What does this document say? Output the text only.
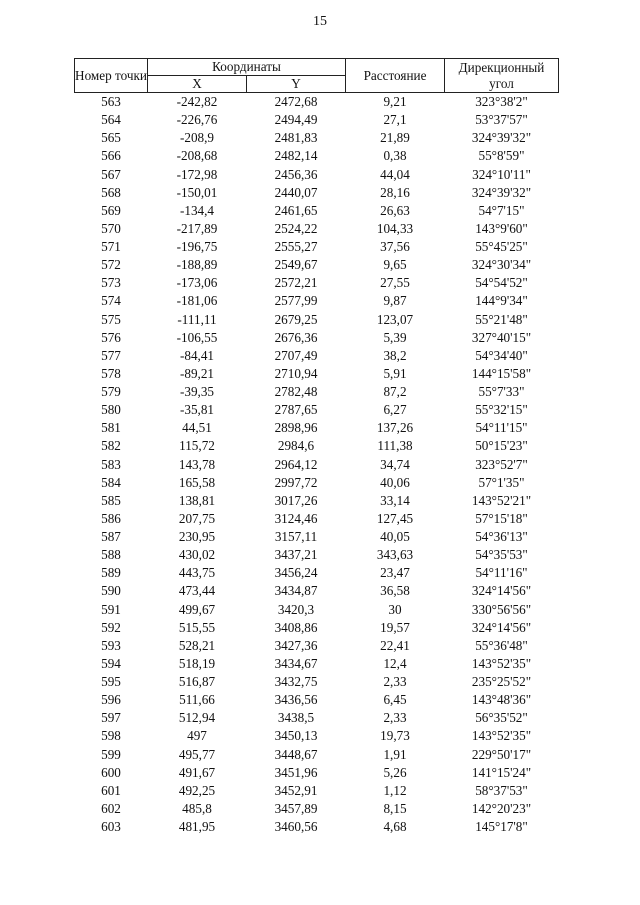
15
Номер точки	Координаты		Расстояние	Дирекционный угол
	X	Y		
563	-242,82	2472,68	9,21	323°38'2"
564	-226,76	2494,49	27,1	53°37'57"
565	-208,9	2481,83	21,89	324°39'32"
566	-208,68	2482,14	0,38	55°8'59"
567	-172,98	2456,36	44,04	324°10'11"
568	-150,01	2440,07	28,16	324°39'32"
569	-134,4	2461,65	26,63	54°7'15"
570	-217,89	2524,22	104,33	143°9'60"
571	-196,75	2555,27	37,56	55°45'25"
572	-188,89	2549,67	9,65	324°30'34"
573	-173,06	2572,21	27,55	54°54'52"
574	-181,06	2577,99	9,87	144°9'34"
575	-111,11	2679,25	123,07	55°21'48"
576	-106,55	2676,36	5,39	327°40'15"
577	-84,41	2707,49	38,2	54°34'40"
578	-89,21	2710,94	5,91	144°15'58"
579	-39,35	2782,48	87,2	55°7'33"
580	-35,81	2787,65	6,27	55°32'15"
581	44,51	2898,96	137,26	54°11'15"
582	115,72	2984,6	111,38	50°15'23"
583	143,78	2964,12	34,74	323°52'7"
584	165,58	2997,72	40,06	57°1'35"
585	138,81	3017,26	33,14	143°52'21"
586	207,75	3124,46	127,45	57°15'18"
587	230,95	3157,11	40,05	54°36'13"
588	430,02	3437,21	343,63	54°35'53"
589	443,75	3456,24	23,47	54°11'16"
590	473,44	3434,87	36,58	324°14'56"
591	499,67	3420,3	30	330°56'56"
592	515,55	3408,86	19,57	324°14'56"
593	528,21	3427,36	22,41	55°36'48"
594	518,19	3434,67	12,4	143°52'35"
595	516,87	3432,75	2,33	235°25'52"
596	511,66	3436,56	6,45	143°48'36"
597	512,94	3438,5	2,33	56°35'52"
598	497	3450,13	19,73	143°52'35"
599	495,77	3448,67	1,91	229°50'17"
600	491,67	3451,96	5,26	141°15'24"
601	492,25	3452,91	1,12	58°37'53"
602	485,8	3457,89	8,15	142°20'23"
603	481,95	3460,56	4,68	145°17'8"
